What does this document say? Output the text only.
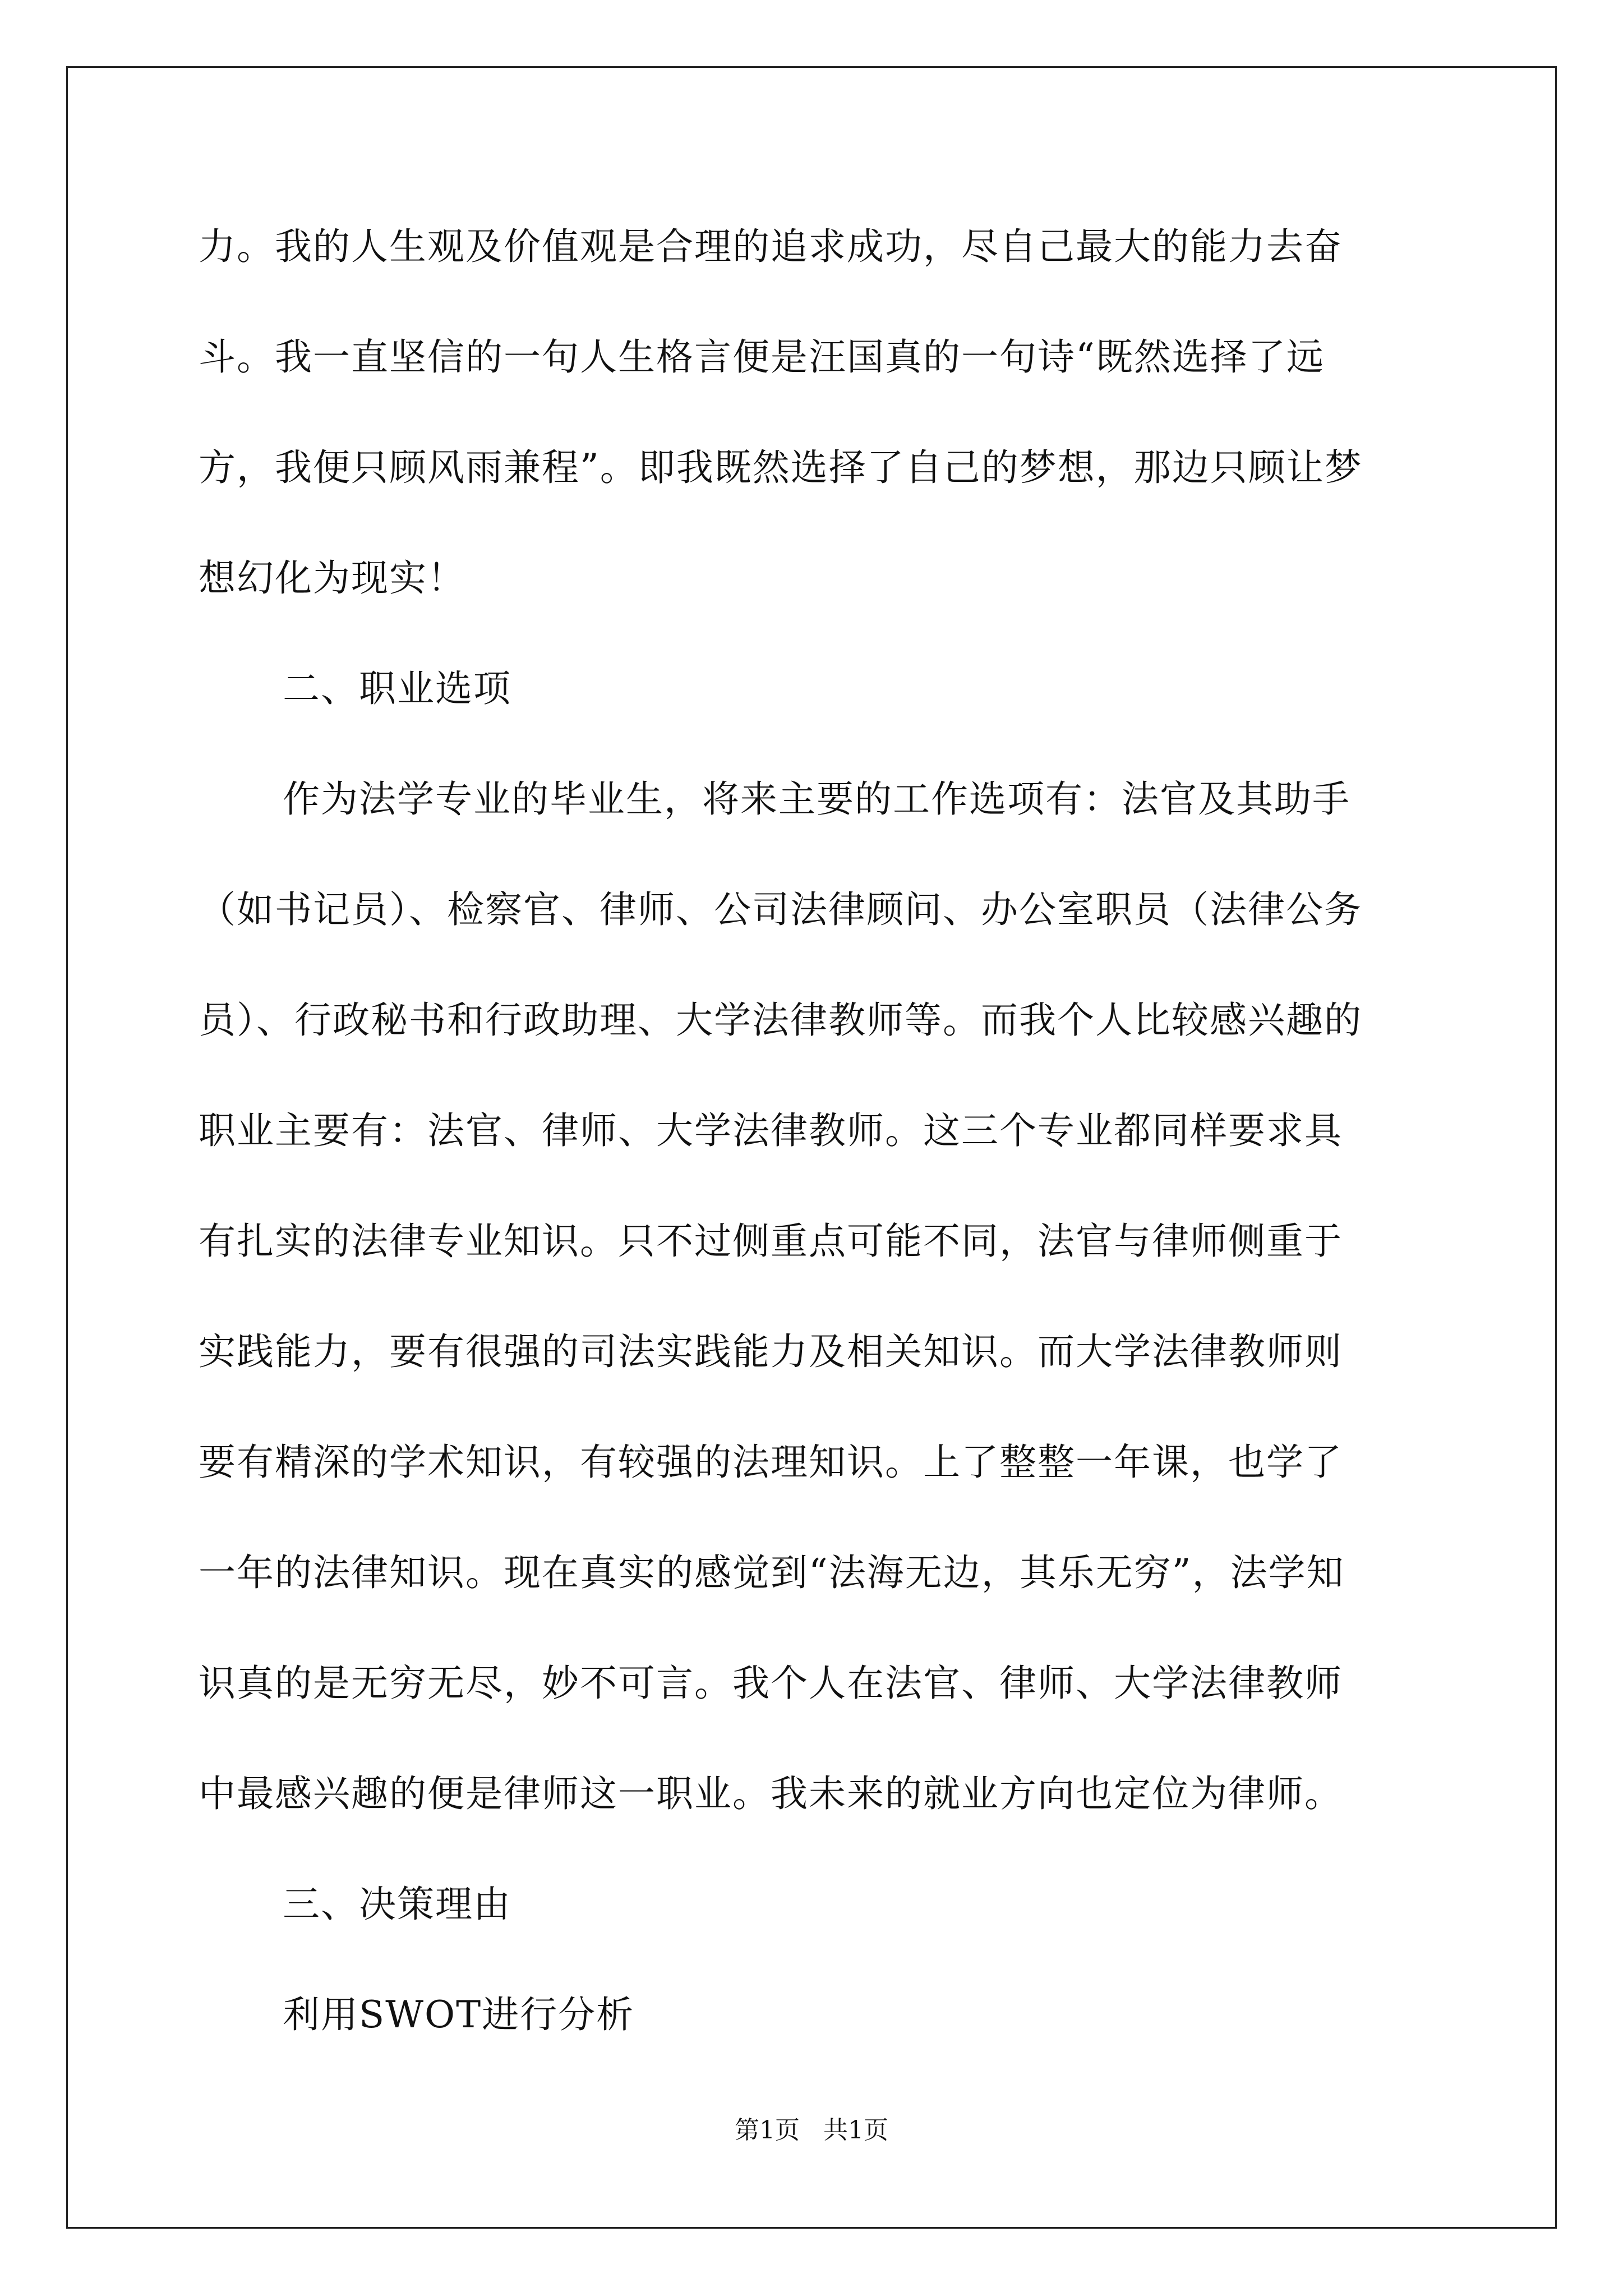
力。我的人生观及价值观是合理的追求成功，尽自己最大的能力去奋
斗。我一直坚信的一句人生格言便是汪国真的一句诗“既然选择了远
方，我便只顾风雨兼程”。即我既然选择了自己的梦想，那边只顾让梦
想幻化为现实！
二、职业选项
作为法学专业的毕业生，将来主要的工作选项有：法官及其助手
（如书记员）、检察官、律师、公司法律顾问、办公室职员（法律公务
员）、行政秘书和行政助理、大学法律教师等。而我个人比较感兴趣的
职业主要有：法官、律师、大学法律教师。这三个专业都同样要求具
有扎实的法律专业知识。只不过侧重点可能不同，法官与律师侧重于
实践能力，要有很强的司法实践能力及相关知识。而大学法律教师则
要有精深的学术知识，有较强的法理知识。上了整整一年课，也学了
一年的法律知识。现在真实的感觉到“法海无边，其乐无穷”，法学知
识真的是无穷无尽，妙不可言。我个人在法官、律师、大学法律教师
中最感兴趣的便是律师这一职业。我未来的就业方向也定位为律师。
三、决策理由
利用SWOT进行分析
第1页 共1页
